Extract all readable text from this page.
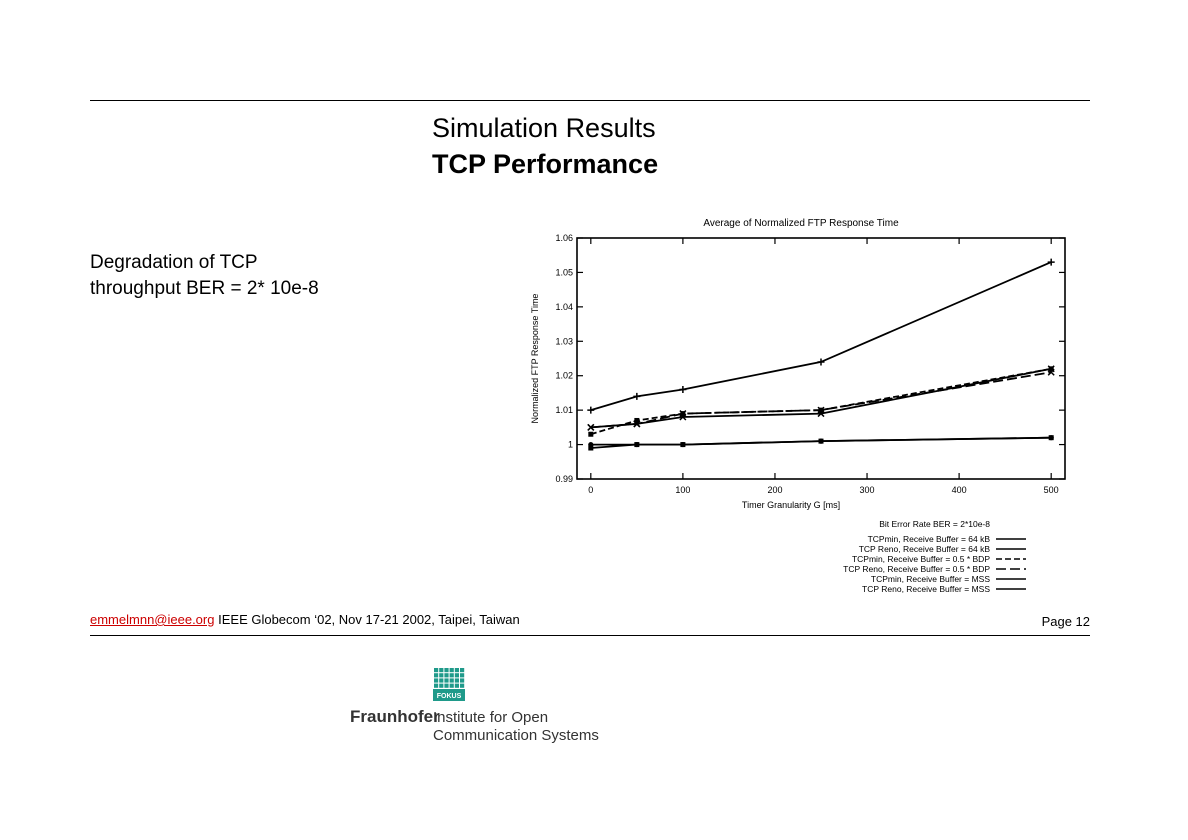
Simulation Results
TCP Performance
Degradation of TCP
throughput BER = 2* 10e-8
Average of Normalized FTP Response Time
0.99
1
1.01
1.02
1.03
1.04
1.05
1.06
0	100	200	300	400	500
Timer Granularity G [ms]
Normalized FTP Response Time
Bit Error Rate BER = 2*10e-8
TCPmin, Receive Buffer = 64 kB
TCP Reno, Receive Buffer = 64 kB
TCPmin, Receive Buffer = 0.5 * BDP
TCP Reno, Receive Buffer = 0.5 * BDP
TCPmin, Receive Buffer = MSS
TCP Reno, Receive Buffer = MSS
emmelmnn@ieee.org IEEE Globecom ‘02, Nov 17-21 2002, Taipei, Taiwan	Page 12
FOKUS
Fraunhofer
Institute for Open
Communication Systems
